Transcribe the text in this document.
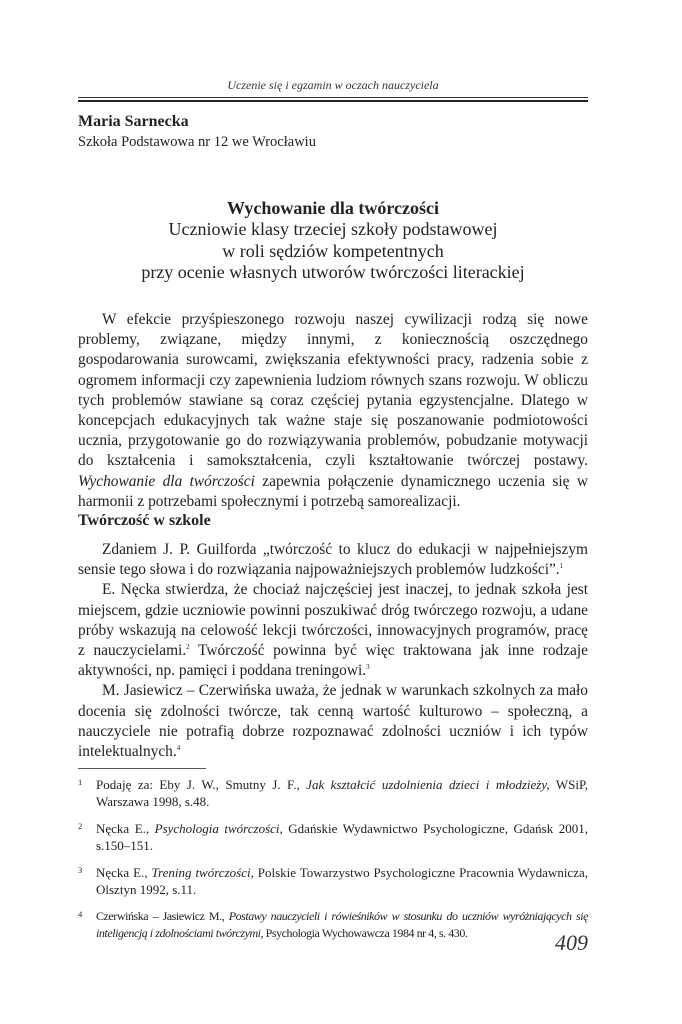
Uczenie się i egzamin w oczach nauczyciela
Maria Sarnecka
Szkoła Podstawowa nr 12 we Wrocławiu
Wychowanie dla twórczości
Uczniowie klasy trzeciej szkoły podstawowej
w roli sędziów kompetentnych
przy ocenie własnych utworów twórczości literackiej

W efekcie przyśpieszonego rozwoju naszej cywilizacji rodzą się nowe problemy, związane, między innymi, z koniecznością oszczędnego gospodarowania surowcami, zwiększania efektywności pracy, radzenia sobie z ogromem informacji czy zapewnienia ludziom równych szans rozwoju. W obliczu tych problemów stawiane są coraz częściej pytania egzystencjalne. Dlatego w koncepcjach edukacyjnych tak ważne staje się poszanowanie podmiotowości ucznia, przygotowanie go do rozwiązywania problemów, pobudzanie motywacji do kształcenia i samokształcenia, czyli kształtowanie twórczej postawy. Wychowanie dla twórczości zapewnia połączenie dynamicznego uczenia się w harmonii z potrzebami społecznymi i potrzebą samorealizacji.

Twórczość w szkole

Zdaniem J. P. Guilforda „twórczość to klucz do edukacji w najpełniejszym sensie tego słowa i do rozwiązania najpoważniejszych problemów ludzkości”.$^1$

E. Nęcka stwierdza, że chociaż najczęściej jest inaczej, to jednak szkoła jest miejscem, gdzie uczniowie powinni poszukiwać dróg twórczego rozwoju, a udane próby wskazują na celowość lekcji twórczości, innowacyjnych programów, pracę z nauczycielami.$^2$ Twórczość powinna być więc traktowana jak inne rodzaje aktywności, np. pamięci i poddana treningowi.$^3$

M. Jasiewicz – Czerwińska uważa, że jednak w warunkach szkolnych za mało docenia się zdolności twórcze, tak cenną wartość kulturowo – społeczną, a nauczyciele nie potrafią dobrze rozpoznawać zdolności uczniów i ich typów intelektualnych.$^4$

1 Podaję za: Eby J. W., Smutny J. F., Jak kształcić uzdolnienia dzieci i młodzieży, WSiP, Warszawa 1998, s.48.
2 Nęcka E., Psychologia twórczości, Gdańskie Wydawnictwo Psychologiczne, Gdańsk 2001, s.150–151.
3 Nęcka E., Trening twórczości, Polskie Towarzystwo Psychologiczne Pracownia Wydawnicza, Olsztyn 1992, s.11.
4 Czerwińska – Jasiewicz M., Postawy nauczycieli i rówieśników w stosunku do uczniów wyróżniających się inteligencją i zdolnościami twórczymi, Psychologia Wychowawcza 1984 nr 4, s. 430.	409
